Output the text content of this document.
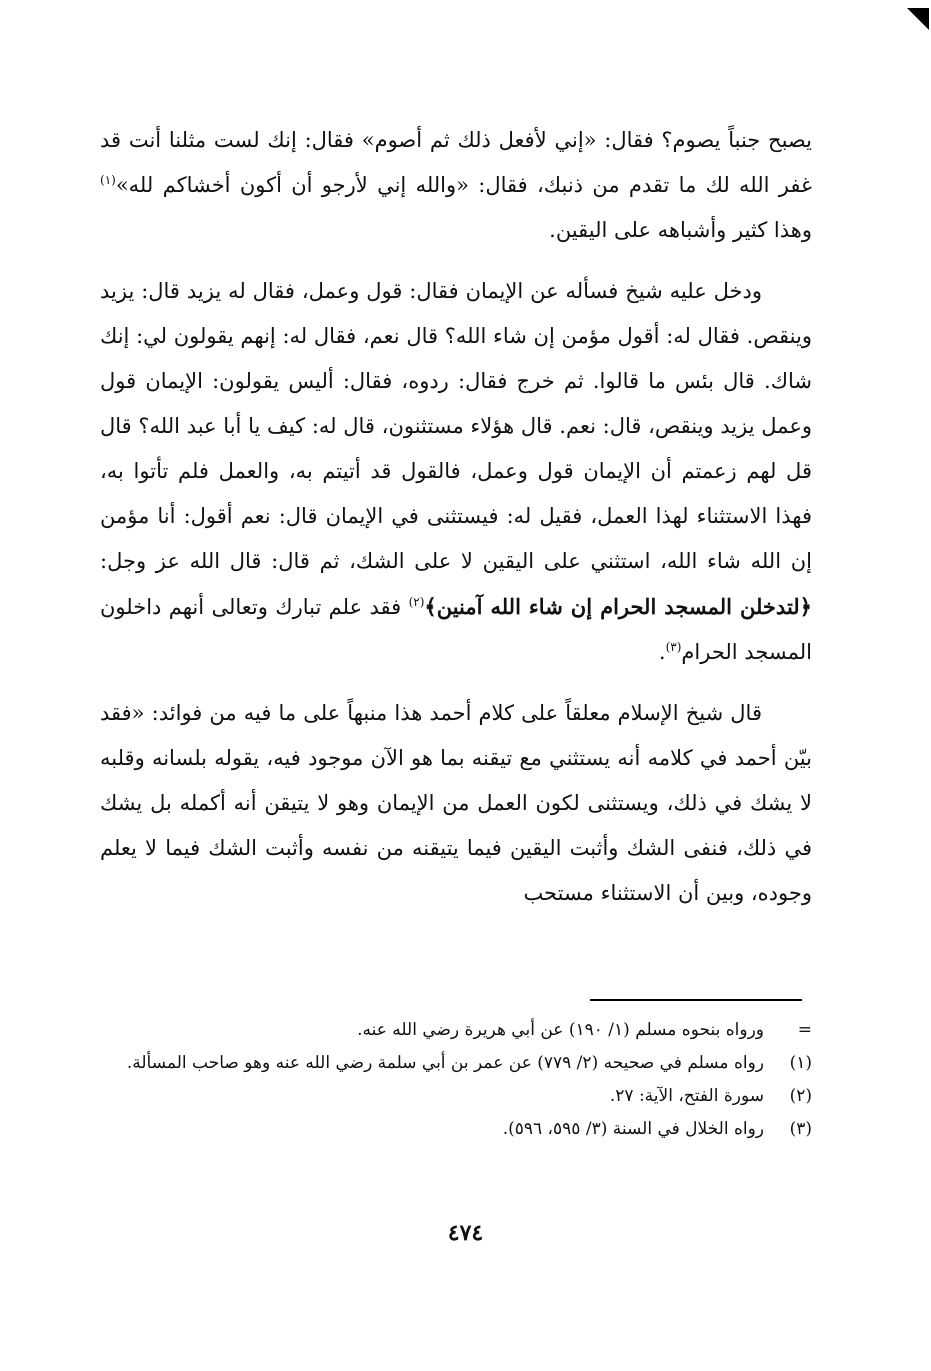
يصبح جنباً يصوم؟ فقال: «إني لأفعل ذلك ثم أصوم» فقال: إنك لست مثلنا أنت قد غفر الله لك ما تقدم من ذنبك، فقال: «والله إني لأرجو أن أكون أخشاكم لله»$^{(١)}$ وهذا كثير وأشباهه على اليقين.

ودخل عليه شيخ فسأله عن الإيمان فقال: قول وعمل، فقال له يزيد قال: يزيد وينقص. فقال له: أقول مؤمن إن شاء الله؟ قال نعم، فقال له: إنهم يقولون لي: إنك شاك. قال بئس ما قالوا. ثم خرج فقال: ردوه، فقال: أليس يقولون: الإيمان قول وعمل يزيد وينقص، قال: نعم. قال هؤلاء مستثنون، قال له: كيف يا أبا عبد الله؟ قال قل لهم زعمتم أن الإيمان قول وعمل، فالقول قد أتيتم به، والعمل فلم تأتوا به، فهذا الاستثناء لهذا العمل، فقيل له: فيستثنى في الإيمان قال: نعم أقول: أنا مؤمن إن الله شاء الله، استثني على اليقين لا على الشك، ثم قال: قال الله عز وجل: ﴿لتدخلن المسجد الحرام إن شاء الله آمنين﴾$^{(٢)}$ فقد علم تبارك وتعالى أنهم داخلون المسجد الحرام$^{(٣)}$.

قال شيخ الإسلام معلقاً على كلام أحمد هذا منبهاً على ما فيه من فوائد: «فقد بيّن أحمد في كلامه أنه يستثني مع تيقنه بما هو الآن موجود فيه، يقوله بلسانه وقلبه لا يشك في ذلك، ويستثنى لكون العمل من الإيمان وهو لا يتيقن أنه أكمله بل يشك في ذلك، فنفى الشك وأثبت اليقين فيما يتيقنه من نفسه وأثبت الشك فيما لا يعلم وجوده، وبين أن الاستثناء مستحب

=
ورواه بنحوه مسلم (١/ ١٩٠) عن أبي هريرة رضي الله عنه.
(١)
رواه مسلم في صحيحه (٢/ ٧٧٩) عن عمر بن أبي سلمة رضي الله عنه وهو صاحب المسألة.
(٢)
سورة الفتح، الآية: ٢٧.
(٣)
رواه الخلال في السنة (٣/ ٥٩٥، ٥٩٦).
٤٧٤
